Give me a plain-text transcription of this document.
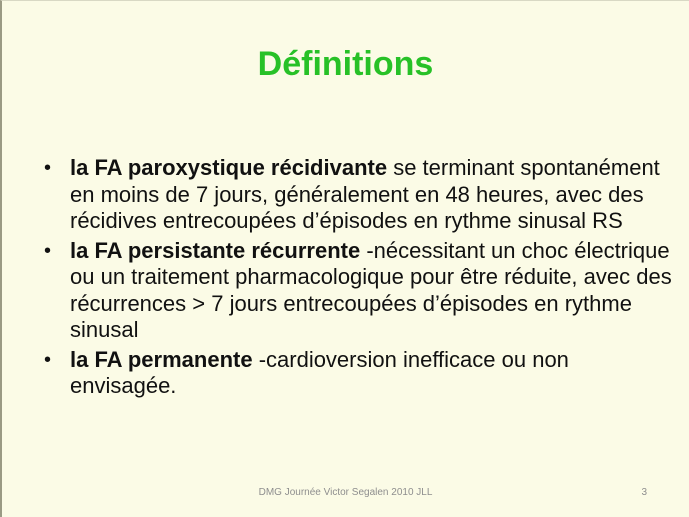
Définitions
• la FA paroxystique récidivante se terminant spontanément en moins de 7 jours, généralement en 48 heures, avec des récidives entrecoupées d’épisodes en rythme sinusal RS
• la FA persistante récurrente -nécessitant un choc électrique ou un traitement pharmacologique pour être réduite, avec des récurrences > 7 jours entrecoupées d’épisodes en rythme sinusal
• la FA permanente -cardioversion inefficace ou non envisagée.
DMG Journée Victor Segalen 2010 JLL	3
